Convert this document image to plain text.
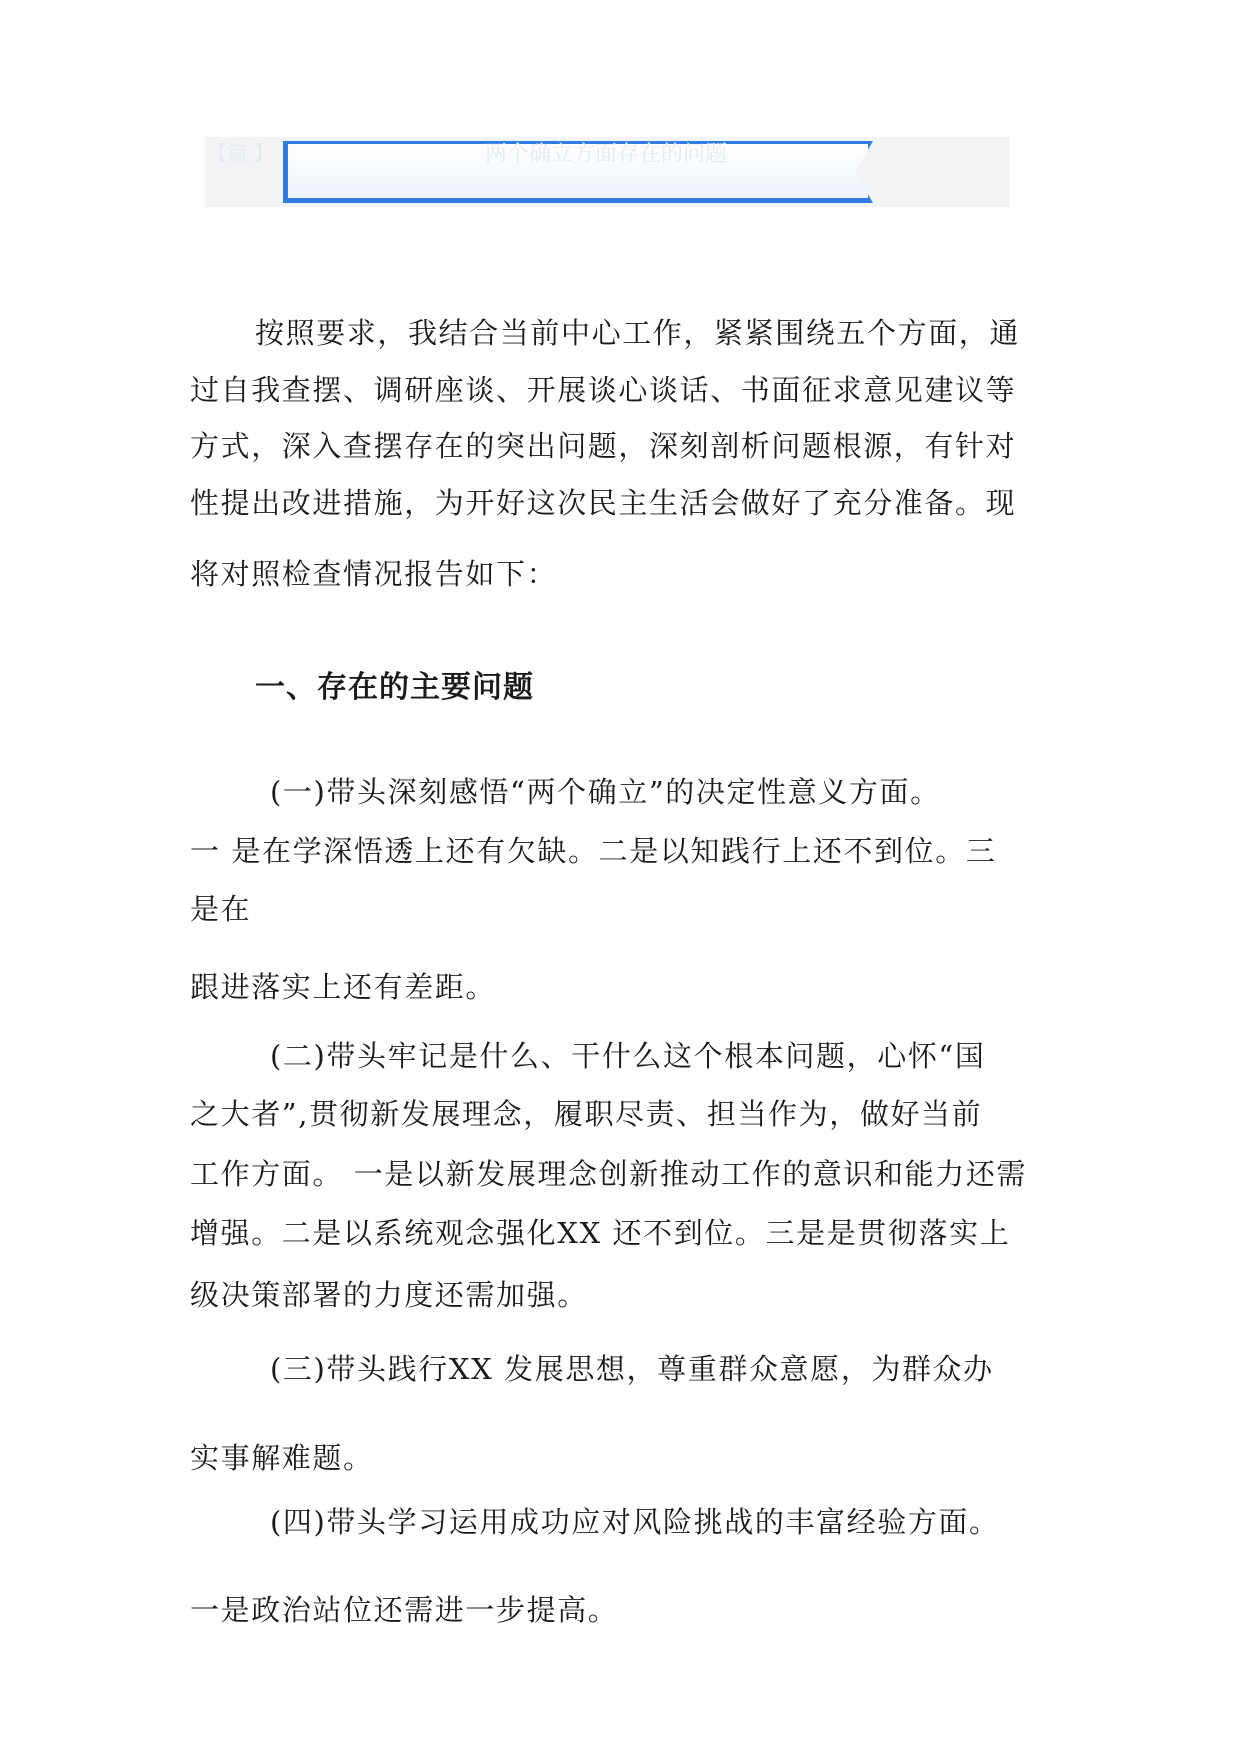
【篇 】	两个确立方面存在的问题
按照要求，我结合当前中心工作，紧紧围绕五个方面，通
过自我查摆、调研座谈、开展谈心谈话、书面征求意见建议等
方式，深入查摆存在的突出问题，深刻剖析问题根源，有针对
性提出改进措施，为开好这次民主生活会做好了充分准备。现
将对照检查情况报告如下：
一、存在的主要问题
(一)带头深刻感悟“两个确立”的决定性意义方面。
一 是在学深悟透上还有欠缺。二是以知践行上还不到位。三
是在
跟进落实上还有差距。
(二)带头牢记是什么、干什么这个根本问题，心怀“国
之大者”,贯彻新发展理念，履职尽责、担当作为，做好当前
工作方面。 一是以新发展理念创新推动工作的意识和能力还需
增强。二是以系统观念强化XX 还不到位。三是是贯彻落实上
级决策部署的力度还需加强。
(三)带头践行XX 发展思想，尊重群众意愿，为群众办
实事解难题。
(四)带头学习运用成功应对风险挑战的丰富经验方面。
一是政治站位还需进一步提高。
